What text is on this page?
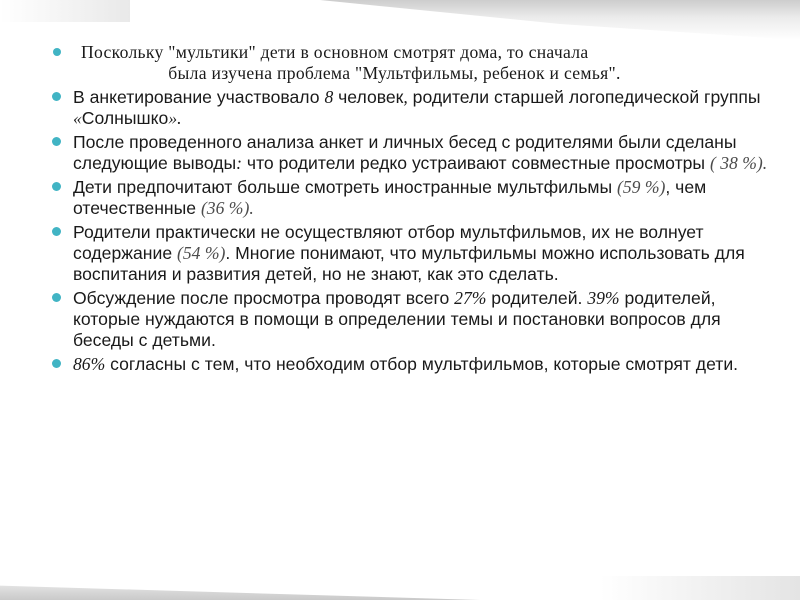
Поскольку "мультики" дети в основном смотрят дома, то сначала
была изучена проблема "Мультфильмы, ребенок и семья".
В анкетирование участвовало 8 человек, родители старшей логопедической группы «Солнышко».
После проведенного анализа анкет и личных бесед с родителями были сделаны следующие выводы: что родители редко устраивают совместные просмотры ( 38 %).
Дети предпочитают больше смотреть иностранные мультфильмы (59 %), чем отечественные (36 %).
Родители практически не осуществляют отбор мультфильмов, их не волнует содержание (54 %). Многие понимают, что мультфильмы можно использовать для воспитания и развития детей, но не знают, как это сделать.
Обсуждение после просмотра проводят всего 27% родителей. 39% родителей, которые нуждаются в помощи в определении темы и постановки вопросов для беседы с детьми.
86% согласны с тем, что необходим отбор мультфильмов, которые смотрят дети.
